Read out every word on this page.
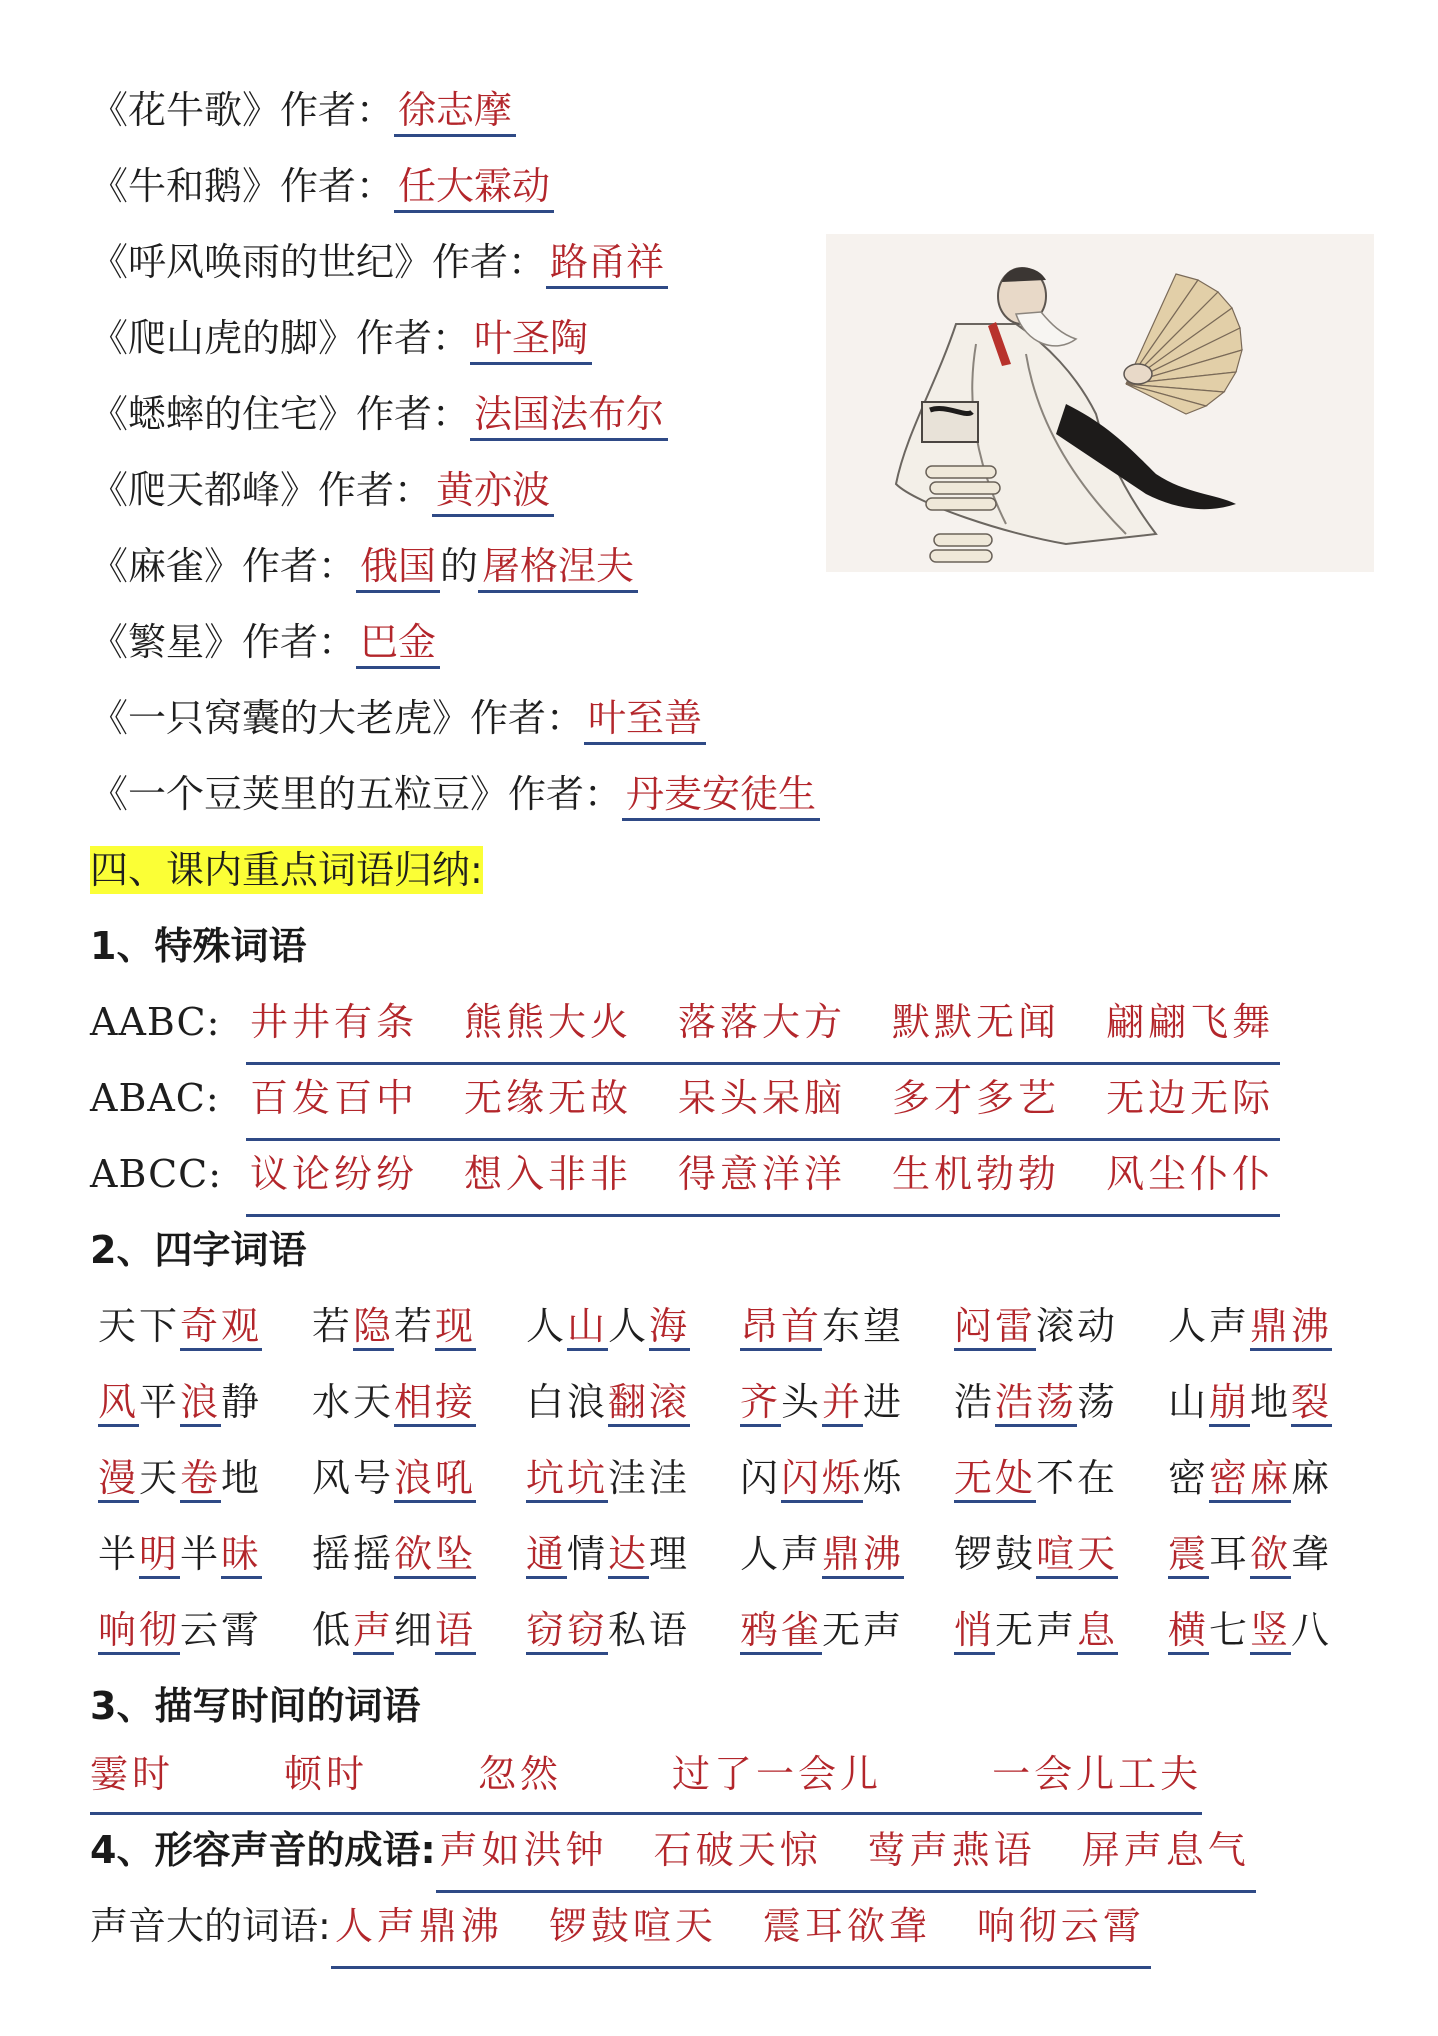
《花牛歌》作者： 徐志摩
《牛和鹅》作者： 任大霖动
《呼风唤雨的世纪》作者： 路甬祥
《爬山虎的脚》作者： 叶圣陶
《蟋蟀的住宅》作者： 法国法布尔
《爬天都峰》作者： 黄亦波
《麻雀》作者： 俄国 的 屠格涅夫
《繁星》作者： 巴金
《一只窝囊的大老虎》作者： 叶至善
《一个豆荚里的五粒豆》作者： 丹麦安徒生
四、课内重点词语归纳:
1、特殊词语
AABC: 井井有条 熊熊大火 落落大方 默默无闻 翩翩飞舞
ABAC: 百发百中 无缘无故 呆头呆脑 多才多艺 无边无际
ABCC: 议论纷纷 想入非非 得意洋洋 生机勃勃 风尘仆仆
2、四字词语
天下奇观 若隐若现 人山人海 昂首东望 闷雷滚动 人声鼎沸
风平浪静 水天相接 白浪翻滚 齐头并进 浩浩荡荡 山崩地裂
漫天卷地 风号浪吼 坑坑洼洼 闪闪烁烁 无处不在 密密麻麻
半明半昧 摇摇欲坠 通情达理 人声鼎沸 锣鼓喧天 震耳欲聋
响彻云霄 低声细语 窃窃私语 鸦雀无声 悄无声息 横七竖八
3、描写时间的词语
霎时	顿时	忽然	过了一会儿	一会儿工夫
4、形容声音的成语: 声如洪钟 石破天惊 莺声燕语 屏声息气
声音大的词语: 人声鼎沸 锣鼓喧天 震耳欲聋 响彻云霄
